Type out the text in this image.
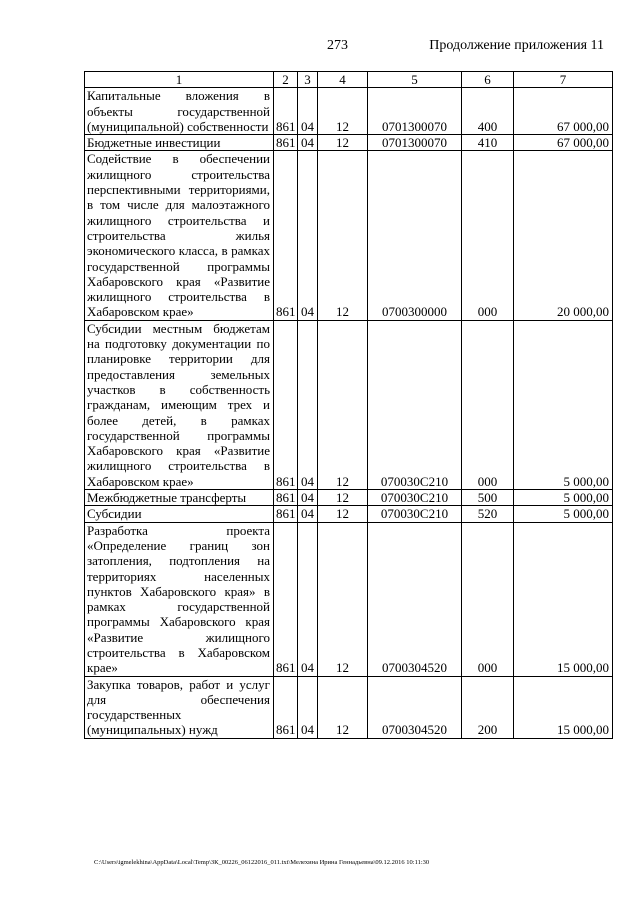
273	Продолжение приложения 11
1	2	3	4	5	6	7
Капитальные вложения в объекты государственной (муниципальной) собственности	861	04	12	0701300070	400	67 000,00
Бюджетные инвестиции	861	04	12	0701300070	410	67 000,00
Содействие в обеспечении жилищного строительства перспективными территориями, в том числе для малоэтажного жилищного строительства и строительства жилья экономического класса, в рамках государственной программы Хабаровского края «Развитие жилищного строительства в Хабаровском крае»	861	04	12	0700300000	000	20 000,00
Субсидии местным бюджетам на подготовку документации по планировке территории для предоставления земельных участков в собственность гражданам, имеющим трех и более детей, в рамках государственной программы Хабаровского края «Развитие жилищного строительства в Хабаровском крае»	861	04	12	070030С210	000	5 000,00
Межбюджетные трансферты	861	04	12	070030С210	500	5 000,00
Субсидии	861	04	12	070030С210	520	5 000,00
Разработка проекта «Определение границ зон затопления, подтопления на территориях населенных пунктов Хабаровского края» в рамках государственной программы Хабаровского края «Развитие жилищного строительства в Хабаровском крае»	861	04	12	0700304520	000	15 000,00
Закупка товаров, работ и услуг для обеспечения государственных (муниципальных) нужд	861	04	12	0700304520	200	15 000,00
C:\Users\igmelekhina\AppData\Local\Temp\ЗК_00226_06122016_011.txt\Мелехина Ирина Геннадьевна\09.12.2016 10:11:30
